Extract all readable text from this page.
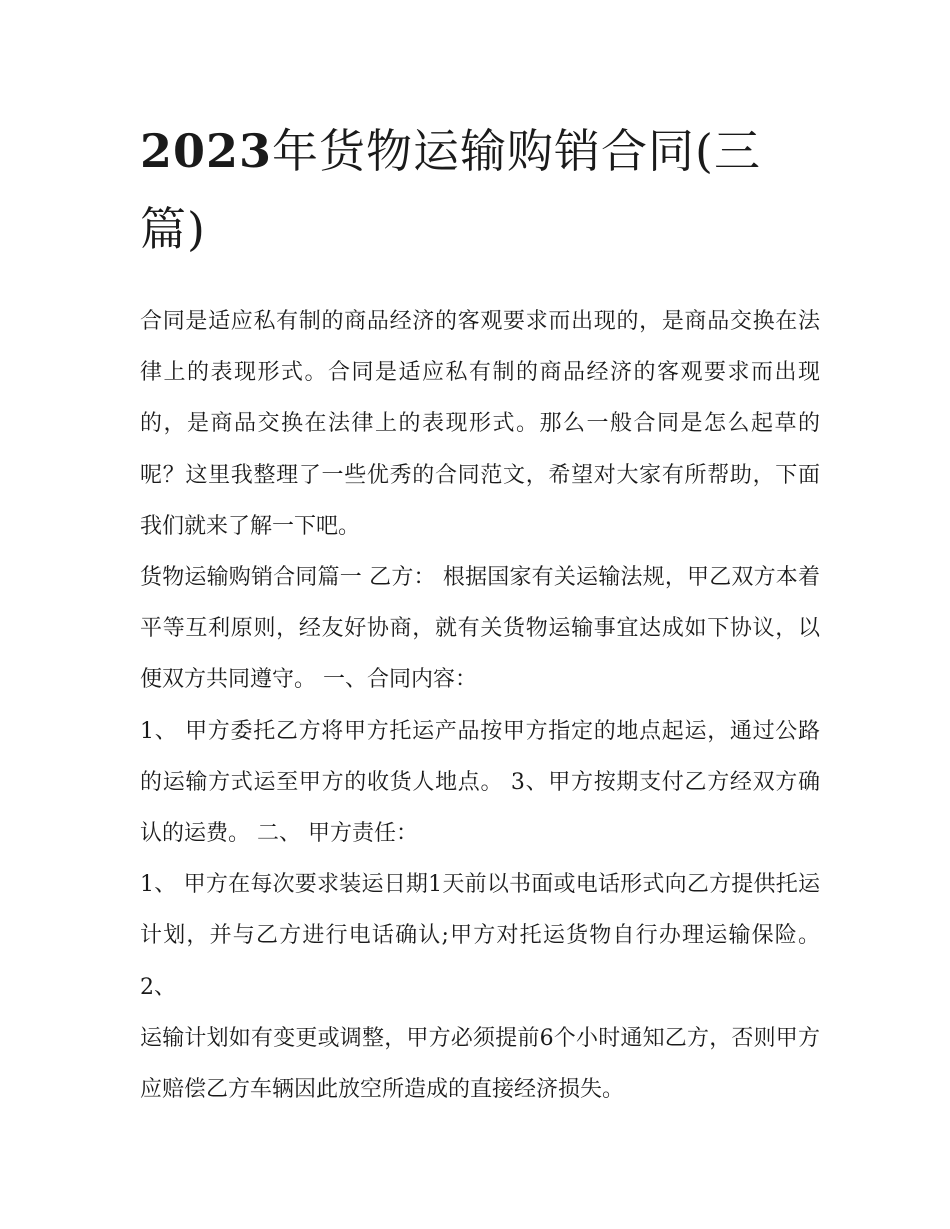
2023年货物运输购销合同(三篇)

合同是适应私有制的商品经济的客观要求而出现的，是商品交换在法律上的表现形式。合同是适应私有制的商品经济的客观要求而出现的，是商品交换在法律上的表现形式。那么一般合同是怎么起草的呢？这里我整理了一些优秀的合同范文，希望对大家有所帮助，下面我们就来了解一下吧。

货物运输购销合同篇一 乙方： 根据国家有关运输法规，甲乙双方本着平等互利原则，经友好协商，就有关货物运输事宜达成如下协议，以便双方共同遵守。 一、合同内容：

1、 甲方委托乙方将甲方托运产品按甲方指定的地点起运，通过公路的运输方式运至甲方的收货人地点。 3、甲方按期支付乙方经双方确认的运费。 二、 甲方责任：

1、 甲方在每次要求装运日期1天前以书面或电话形式向乙方提供托运计划，并与乙方进行电话确认;甲方对托运货物自行办理运输保险。 2、

运输计划如有变更或调整，甲方必须提前6个小时通知乙方，否则甲方应赔偿乙方车辆因此放空所造成的直接经济损失。
